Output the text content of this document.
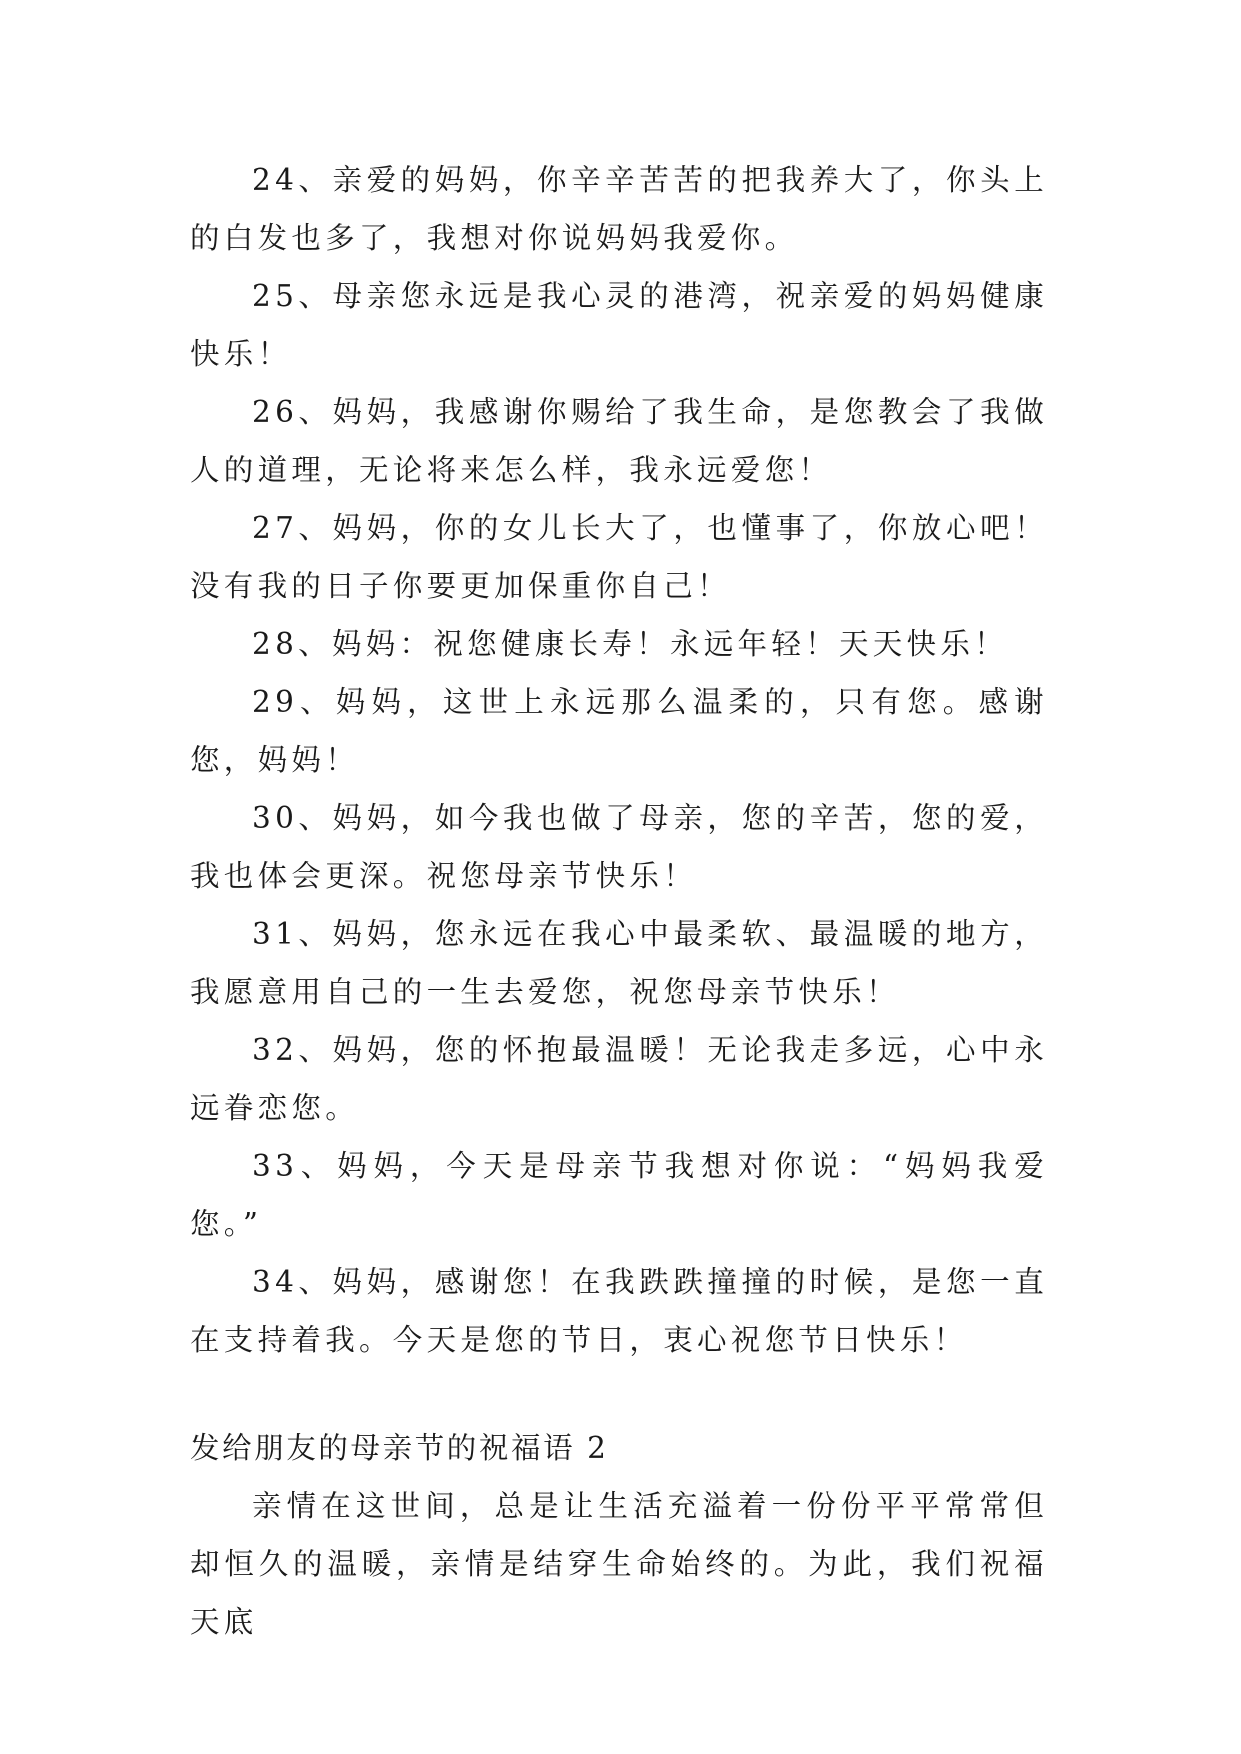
24、亲爱的妈妈，你辛辛苦苦的把我养大了，你头上的白发也多了，我想对你说妈妈我爱你。

25、母亲您永远是我心灵的港湾，祝亲爱的妈妈健康快乐！

26、妈妈，我感谢你赐给了我生命，是您教会了我做人的道理，无论将来怎么样，我永远爱您！

27、妈妈，你的女儿长大了，也懂事了，你放心吧！没有我的日子你要更加保重你自己！

28、妈妈：祝您健康长寿！永远年轻！天天快乐！

29、妈妈，这世上永远那么温柔的，只有您。感谢您，妈妈！

30、妈妈，如今我也做了母亲，您的辛苦，您的爱，我也体会更深。祝您母亲节快乐！

31、妈妈，您永远在我心中最柔软、最温暖的地方，我愿意用自己的一生去爱您，祝您母亲节快乐！

32、妈妈，您的怀抱最温暖！无论我走多远，心中永远眷恋您。

33、妈妈，今天是母亲节我想对你说：“妈妈我爱您。”

34、妈妈，感谢您！在我跌跌撞撞的时候，是您一直在支持着我。今天是您的节日，衷心祝您节日快乐！

发给朋友的母亲节的祝福语 2

亲情在这世间，总是让生活充溢着一份份平平常常但却恒久的温暖，亲情是结穿生命始终的。为此，我们祝福天底
